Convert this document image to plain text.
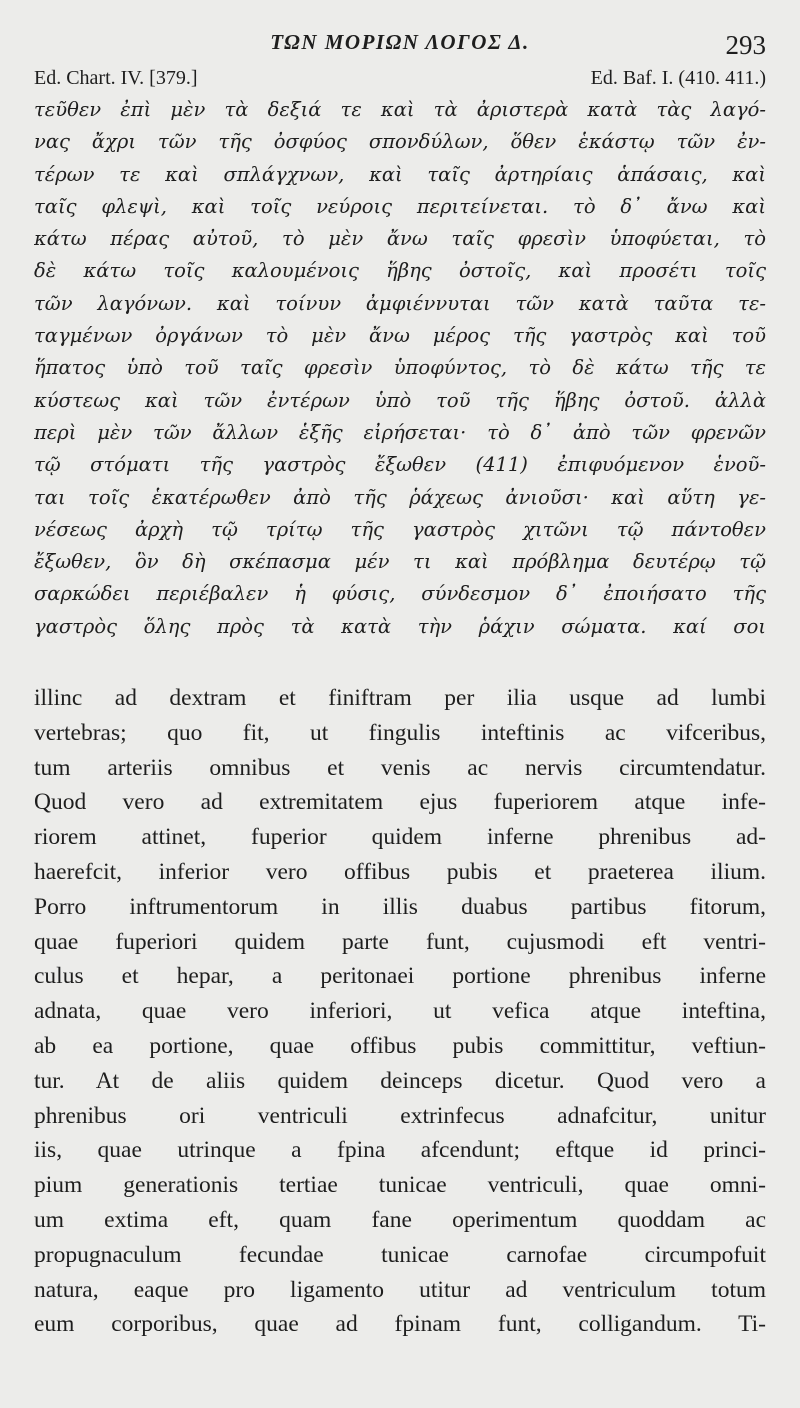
ΤΩΝ ΜΟΡΙΩΝ ΛΟΓΟΣ Δ.	293
Ed. Chart. IV. [379.]	Ed. Baf. I. (410. 411.)
τεῦθεν ἐπὶ μὲν τὰ δεξιά τε καὶ τὰ ἀριστερὰ κατὰ τὰς λαγό-
νας ἄχρι τῶν τῆς ὀσφύος σπονδύλων, ὅθεν ἑκάστῳ τῶν ἐν-
τέρων τε καὶ σπλάγχνων, καὶ ταῖς ἀρτηρίαις ἁπάσαις, καὶ
ταῖς φλεψὶ, καὶ τοῖς νεύροις περιτείνεται. τὸ δ᾽ ἄνω καὶ
κάτω πέρας αὐτοῦ, τὸ μὲν ἄνω ταῖς φρεσὶν ὑποφύεται, τὸ
δὲ κάτω τοῖς καλουμένοις ἥβης ὀστοῖς, καὶ προσέτι τοῖς
τῶν λαγόνων. καὶ τοίνυν ἀμφιέννυται τῶν κατὰ ταῦτα τε-
ταγμένων ὀργάνων τὸ μὲν ἄνω μέρος τῆς γαστρὸς καὶ τοῦ
ἥπατος ὑπὸ τοῦ ταῖς φρεσὶν ὑποφύντος, τὸ δὲ κάτω τῆς τε
κύστεως καὶ τῶν ἐντέρων ὑπὸ τοῦ τῆς ἥβης ὀστοῦ. ἀλλὰ
περὶ μὲν τῶν ἄλλων ἑξῆς εἰρήσεται· τὸ δ᾽ ἀπὸ τῶν φρενῶν
τῷ στόματι τῆς γαστρὸς ἔξωθεν (411) ἐπιφυόμενον ἑνοῦ-
ται τοῖς ἑκατέρωθεν ἀπὸ τῆς ῥάχεως ἀνιοῦσι· καὶ αὕτη γε-
νέσεως ἀρχὴ τῷ τρίτῳ τῆς γαστρὸς χιτῶνι τῷ πάντοθεν
ἔξωθεν, ὃν δὴ σκέπασμα μέν τι καὶ πρόβλημα δευτέρῳ τῷ
σαρκώδει περιέβαλεν ἡ φύσις, σύνδεσμον δ᾽ ἐποιήσατο τῆς
γαστρὸς ὅλης πρὸς τὰ κατὰ τὴν ῥάχιν σώματα. καί σοι
illinc ad dextram et finiftram per ilia usque ad lumbi
vertebras; quo fit, ut fingulis inteftinis ac vifceribus,
tum arteriis omnibus et venis ac nervis circumtendatur.
Quod vero ad extremitatem ejus fuperiorem atque infe-
riorem attinet, fuperior quidem inferne phrenibus ad-
haerefcit, inferior vero offibus pubis et praeterea ilium.
Porro inftrumentorum in illis duabus partibus fitorum,
quae fuperiori quidem parte funt, cujusmodi eft ventri-
culus et hepar, a peritonaei portione phrenibus inferne
adnata, quae vero inferiori, ut vefica atque inteftina,
ab ea portione, quae offibus pubis committitur, veftiun-
tur. At de aliis quidem deinceps dicetur. Quod vero a
phrenibus ori ventriculi extrinfecus adnafcitur, unitur
iis, quae utrinque a fpina afcendunt; eftque id princi-
pium generationis tertiae tunicae ventriculi, quae omni-
um extima eft, quam fane operimentum quoddam ac
propugnaculum fecundae tunicae carnofae circumpofuit
natura, eaque pro ligamento utitur ad ventriculum totum
eum corporibus, quae ad fpinam funt, colligandum. Ti-
